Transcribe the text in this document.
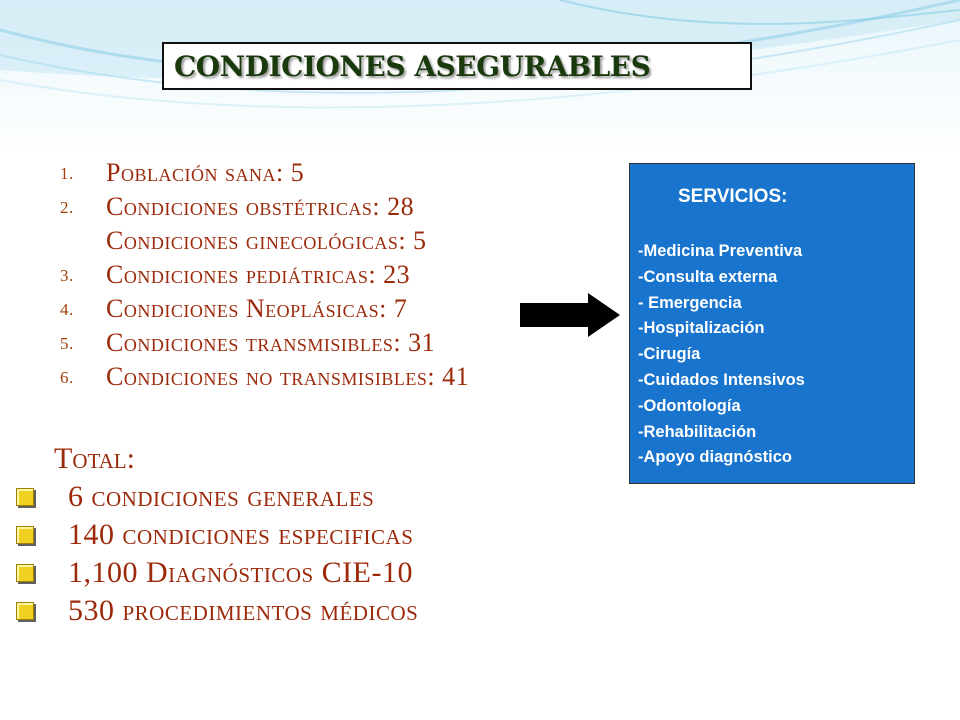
CONDICIONES ASEGURABLES
1.	Población sana: 5
2.	Condiciones obstétricas: 28
Condiciones ginecológicas: 5
3.	Condiciones pediátricas: 23
4.	Condiciones Neoplásicas: 7
5.	Condiciones transmisibles: 31
6.	Condiciones no transmisibles: 41
Total:
6 condiciones generales
140 condiciones especificas
1,100 Diagnósticos CIE-10
530 procedimientos médicos
SERVICIOS:
-Medicina Preventiva
-Consulta externa
- Emergencia
-Hospitalización
-Cirugía
-Cuidados Intensivos
-Odontología
-Rehabilitación
-Apoyo diagnóstico
